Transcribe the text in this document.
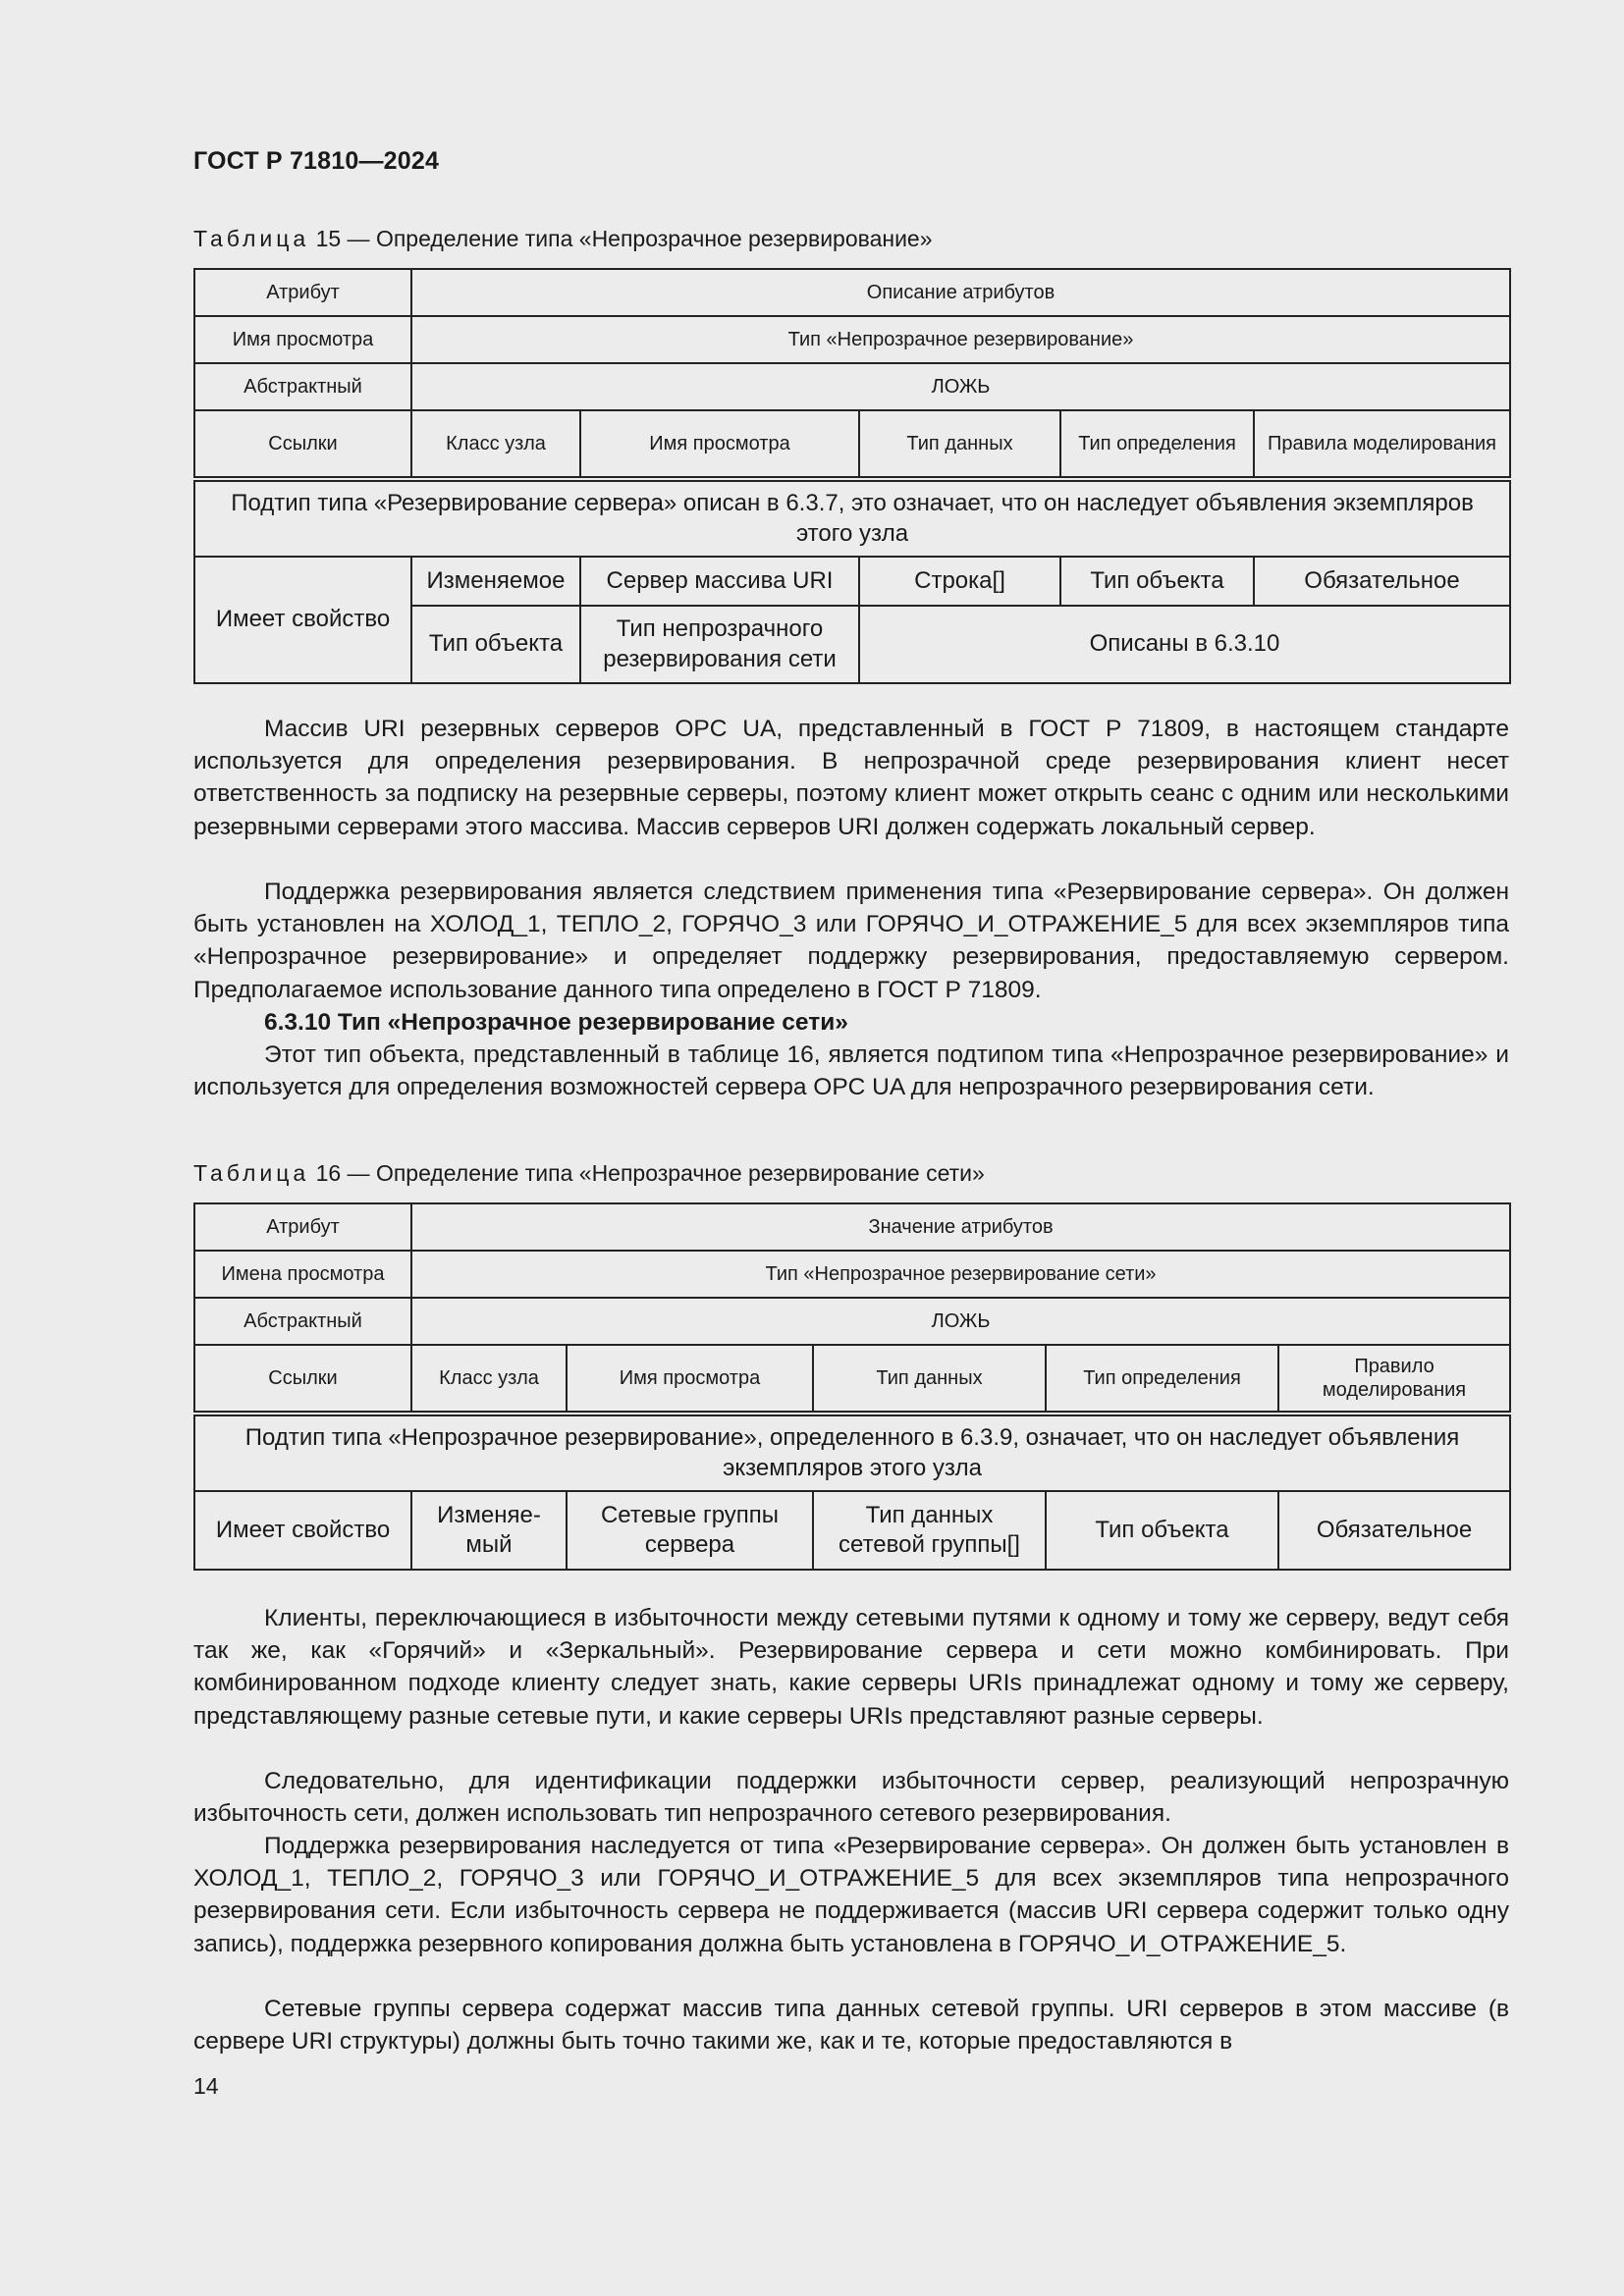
ГОСТ Р 71810—2024
Таблица 15 — Определение типа «Непрозрачное резервирование»
Атрибут	Описание атрибутов				
Имя просмотра	Тип «Непрозрачное резервирование»				
Абстрактный	ЛОЖЬ				
Ссылки	Класс узла	Имя просмотра	Тип данных	Тип определения	Правила моделирования
Подтип типа «Резервирование сервера» описан в 6.3.7, это означает, что он наследует объявления экземпляров этого узла					
Имеет свойство	Изменяемое	Сервер массива URI	Строка[]	Тип объекта	Обязательное
	Тип объекта	Тип непрозрачного резервирования сети	Описаны в 6.3.10		

Массив URI резервных серверов OPC UA, представленный в ГОСТ Р 71809, в настоящем стандарте используется для определения резервирования. В непрозрачной среде резервирования клиент несет ответственность за подписку на резервные серверы, поэтому клиент может открыть сеанс с одним или несколькими резервными серверами этого массива. Массив серверов URI должен содержать локальный сервер.

Поддержка резервирования является следствием применения типа «Резервирование сервера». Он должен быть установлен на ХОЛОД_1, ТЕПЛО_2, ГОРЯЧО_3 или ГОРЯЧО_И_ОТРАЖЕНИЕ_5 для всех экземпляров типа «Непрозрачное резервирование» и определяет поддержку резервирования, предоставляемую сервером. Предполагаемое использование данного типа определено в ГОСТ Р 71809.

6.3.10 Тип «Непрозрачное резервирование сети»

Этот тип объекта, представленный в таблице 16, является подтипом типа «Непрозрачное резервирование» и используется для определения возможностей сервера OPC UA для непрозрачного резервирования сети.

Таблица 16 — Определение типа «Непрозрачное резервирование сети»
Атрибут	Значение атрибутов				
Имена просмотра	Тип «Непрозрачное резервирование сети»				
Абстрактный	ЛОЖЬ				
Ссылки	Класс узла	Имя просмотра	Тип данных	Тип определения	Правило моделирования
Подтип типа «Непрозрачное резервирование», определенного в 6.3.9, означает, что он наследует объявления экземпляров этого узла					
Имеет свойство	Изменяе-мый	Сетевые группы сервера	Тип данных сетевой группы[]	Тип объекта	Обязательное

Клиенты, переключающиеся в избыточности между сетевыми путями к одному и тому же серверу, ведут себя так же, как «Горячий» и «Зеркальный». Резервирование сервера и сети можно комбинировать. При комбинированном подходе клиенту следует знать, какие серверы URIs принадлежат одному и тому же серверу, представляющему разные сетевые пути, и какие серверы URIs представляют разные серверы.

Следовательно, для идентификации поддержки избыточности сервер, реализующий непрозрачную избыточность сети, должен использовать тип непрозрачного сетевого резервирования.

Поддержка резервирования наследуется от типа «Резервирование сервера». Он должен быть установлен в ХОЛОД_1, ТЕПЛО_2, ГОРЯЧО_3 или ГОРЯЧО_И_ОТРАЖЕНИЕ_5 для всех экземпляров типа непрозрачного резервирования сети. Если избыточность сервера не поддерживается (массив URI сервера содержит только одну запись), поддержка резервного копирования должна быть установлена в ГОРЯЧО_И_ОТРАЖЕНИЕ_5.

Сетевые группы сервера содержат массив типа данных сетевой группы. URI серверов в этом массиве (в сервере URI структуры) должны быть точно такими же, как и те, которые предоставляются в

14
